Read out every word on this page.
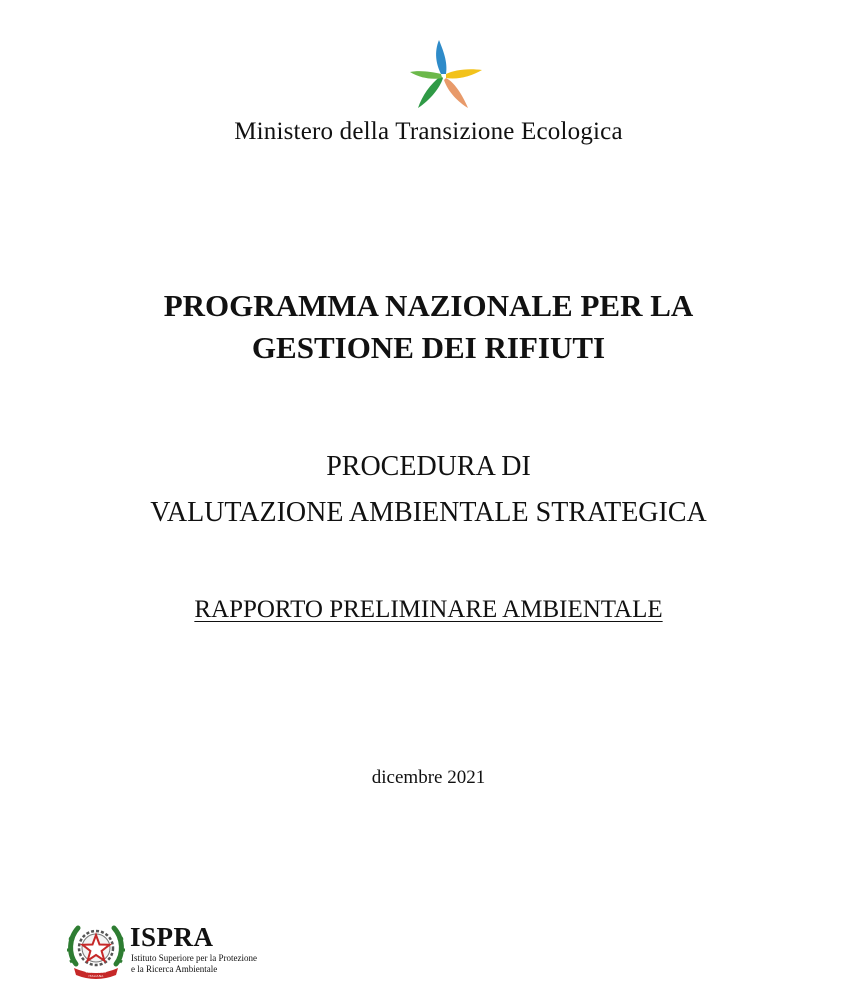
Ministero della Transizione Ecologica
PROGRAMMA NAZIONALE PER LA
GESTIONE DEI RIFIUTI
PROCEDURA DI
VALUTAZIONE AMBIENTALE STRATEGICA
RAPPORTO PRELIMINARE AMBIENTALE
dicembre 2021
REPVBBLICA ITALIANA
ISPRA
Istituto Superiore per la Protezione
e la Ricerca Ambientale
